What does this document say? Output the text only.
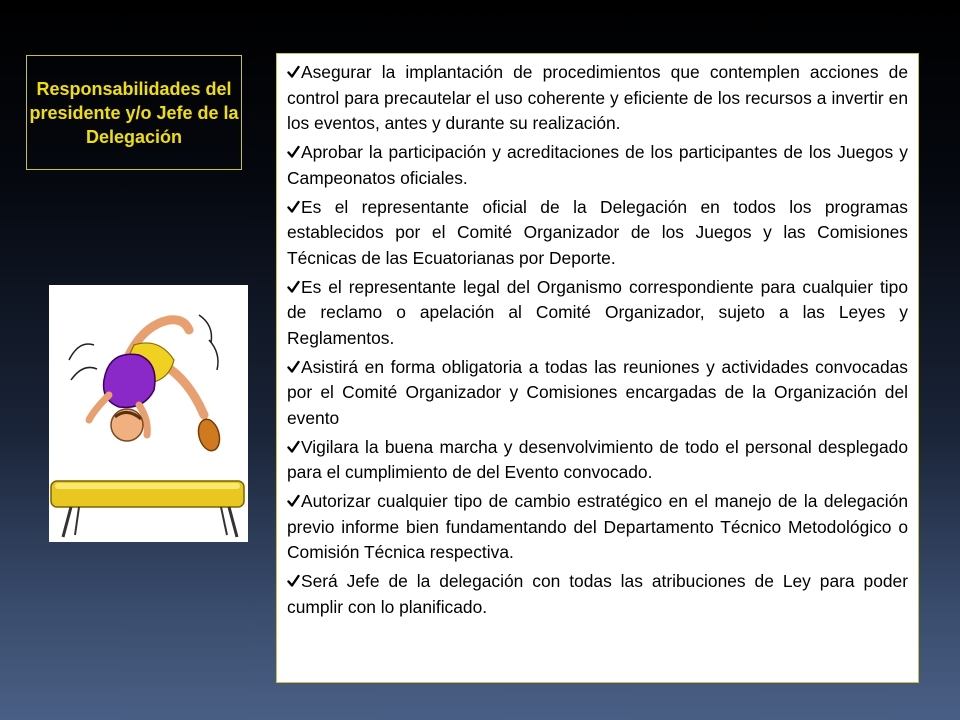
Responsabilidades del presidente y/o Jefe de la Delegación
Asegurar la implantación de procedimientos que contemplen acciones de control para precautelar el uso coherente y eficiente de los recursos a invertir en los eventos, antes y durante su realización.
Aprobar la participación y acreditaciones de los participantes de los Juegos y Campeonatos oficiales.
Es el representante oficial de la Delegación en todos los programas establecidos por el Comité Organizador de los Juegos y las Comisiones Técnicas de las Ecuatorianas por Deporte.
Es el representante legal del Organismo correspondiente para cualquier tipo de reclamo o apelación al Comité Organizador, sujeto a las Leyes y Reglamentos.
Asistirá en forma obligatoria a todas las reuniones y actividades convocadas por el Comité Organizador y Comisiones encargadas de la Organización del evento
Vigilara la buena marcha y desenvolvimiento de todo el personal desplegado para el cumplimiento de del Evento convocado.
Autorizar cualquier tipo de cambio estratégico en el manejo de la delegación previo informe bien fundamentando del Departamento Técnico Metodológico o Comisión Técnica respectiva.
Será Jefe de la delegación con todas las atribuciones de Ley para poder cumplir con lo planificado.
